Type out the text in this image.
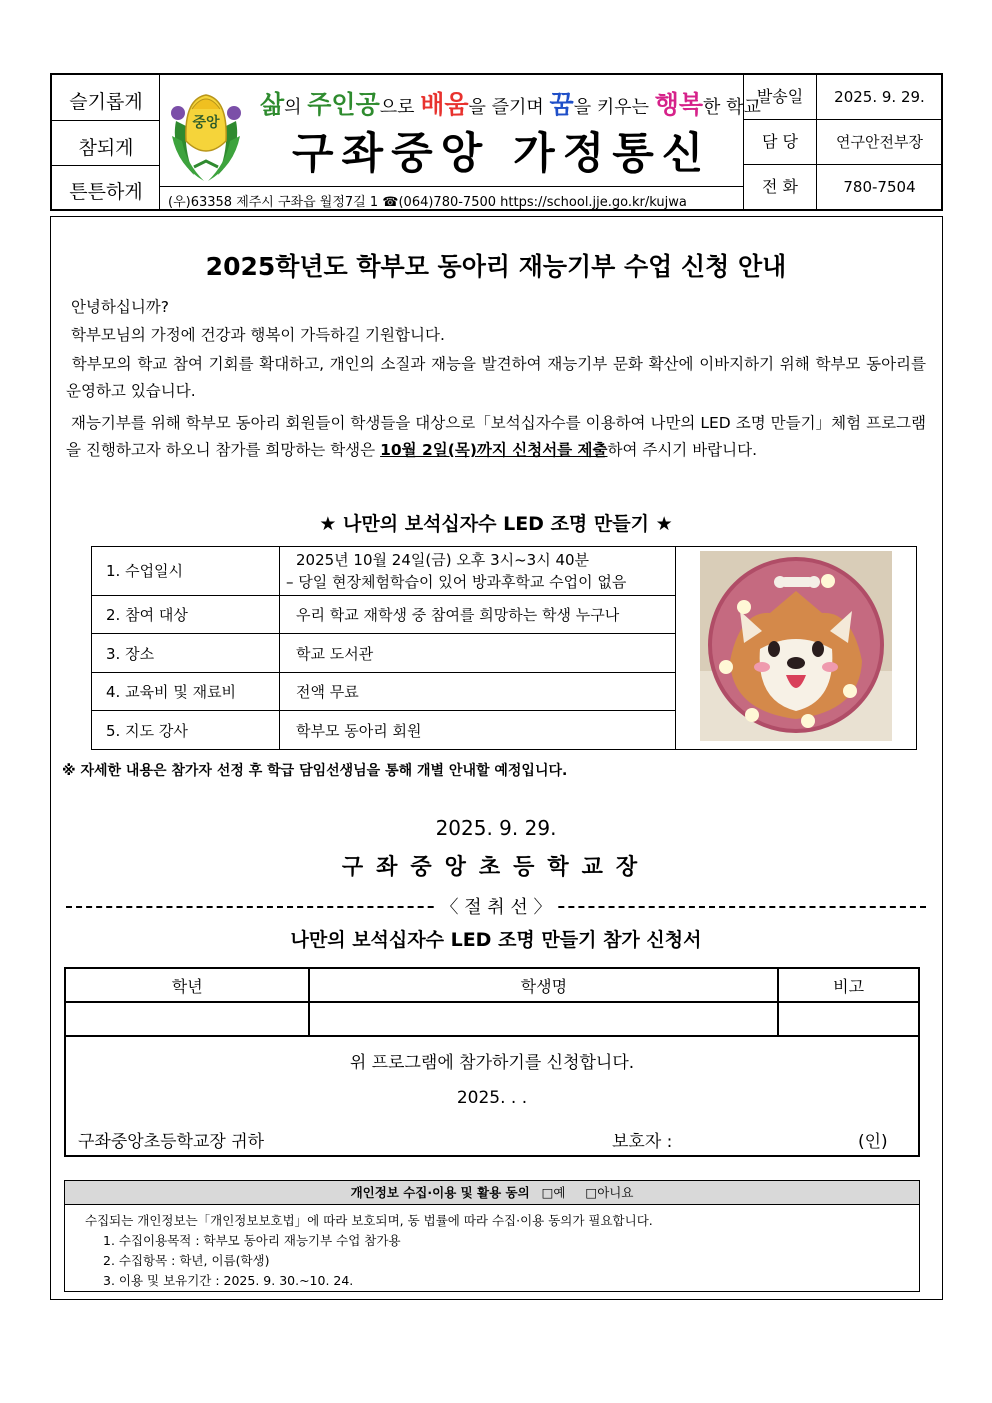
슬기롭게
참되게
튼튼하게
중앙
삶의 주인공으로 배움을 즐기며 꿈을 키우는 행복한 학교
구좌중앙 가정통신
(우)63358 제주시 구좌읍 월정7길 1 ☎(064)780-7500 https://school.jje.go.kr/kujwa
발송일	2025. 9. 29.
담 당	연구안전부장
전 화	780-7504
2025학년도 학부모 동아리 재능기부 수업 신청 안내
안녕하십니까?
학부모님의 가정에 건강과 행복이 가득하길 기원합니다.
학부모의 학교 참여 기회를 확대하고, 개인의 소질과 재능을 발견하여 재능기부 문화 확산에 이바지하기 위해 학부모 동아리를 운영하고 있습니다.
재능기부를 위해 학부모 동아리 회원들이 학생들을 대상으로「보석십자수를 이용하여 나만의 LED 조명 만들기」체험 프로그램을 진행하고자 하오니 참가를 희망하는 학생은 10월 2일(목)까지 신청서를 제출하여 주시기 바랍니다.
★ 나만의 보석십자수 LED 조명 만들기 ★
1. 수업일시	2025년 10월 24일(금) 오후 3시~3시 40분
– 당일 현장체험학습이 있어 방과후학교 수업이 없음

2. 참여 대상	우리 학교 재학생 중 참여를 희망하는 학생 누구나	
3. 장소	학교 도서관	
4. 교육비 및 재료비	전액 무료	
5. 지도 강사	학부모 동아리 회원	
※ 자세한 내용은 참가자 선정 후 학급 담임선생님을 통해 개별 안내할 예정입니다.
2025. 9. 29.
구좌중앙초등학교장
〈 절 취 선 〉
나만의 보석십자수 LED 조명 만들기 참가 신청서
학년	학생명	비고

위 프로그램에 참가하기를 신청합니다.
2025. . .
구좌중앙초등학교장 귀하	보호자 :	(인)
개인정보 수집·이용 및 활용 동의 □예 □아니요
수집되는 개인정보는「개인정보보호법」에 따라 보호되며, 동 법률에 따라 수집·이용 동의가 필요합니다.
1. 수집이용목적 : 학부모 동아리 재능기부 수업 참가용
2. 수집항목 : 학년, 이름(학생)
3. 이용 및 보유기간 : 2025. 9. 30.~10. 24.
